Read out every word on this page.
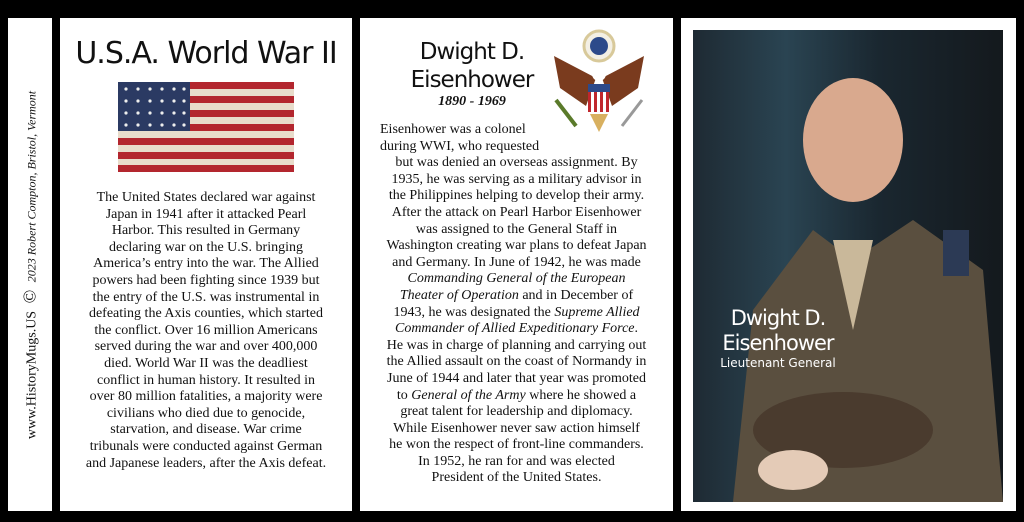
www.HistoryMugs.US © 2023 Robert Compton, Bristol, Vermont
U.S.A. World War II
The United States declared war against
Japan in 1941 after it attacked Pearl
Harbor. This resulted in Germany
declaring war on the U.S. bringing
America’s entry into the war. The Allied
powers had been fighting since 1939 but
the entry of the U.S. was instrumental in
defeating the Axis counties, which started
the conflict. Over 16 million Americans
served during the war and over 400,000
died. World War II was the deadliest
conflict in human history. It resulted in
over 80 million fatalities, a majority were
civilians who died due to genocide,
starvation, and disease. War crime
tribunals were conducted against German
and Japanese leaders, after the Axis defeat.
Dwight D.
Eisenhower
1890 - 1969
Eisenhower was a colonel
during WWI, who requested
but was denied an overseas assignment. By
1935, he was serving as a military advisor in
the Philippines helping to develop their army.
After the attack on Pearl Harbor Eisenhower
was assigned to the General Staff in
Washington creating war plans to defeat Japan
and Germany. In June of 1942, he was made
Commanding General of the European
Theater of Operation and in December of
1943, he was designated the Supreme Allied
Commander of Allied Expeditionary Force.
He was in charge of planning and carrying out
the Allied assault on the coast of Normandy in
June of 1944 and later that year was promoted
to General of the Army where he showed a
great talent for leadership and diplomacy.
While Eisenhower never saw action himself
he won the respect of front-line commanders.
In 1952, he ran for and was elected
President of the United States.
Dwight D.
Eisenhower
Lieutenant General
